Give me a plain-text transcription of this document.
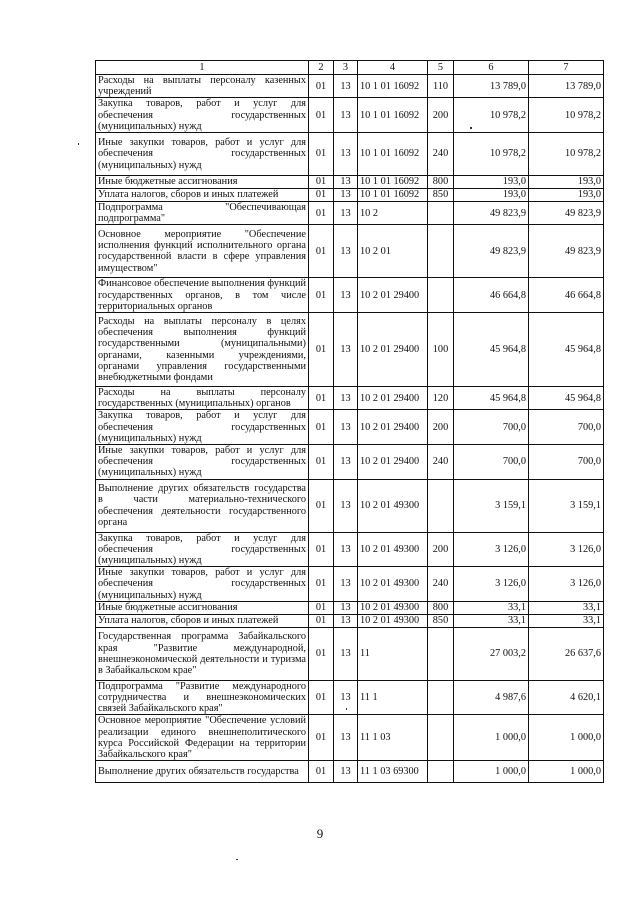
1	2	3	4	5	6	7
Расходы на выплаты персоналу казенных учреждений	01	13	10 1 01 16092	110	13 789,0	13 789,0
Закупка товаров, работ и услуг для обеспечения государственных (муниципальных) нужд	01	13	10 1 01 16092	200	10 978,2	10 978,2
Иные закупки товаров, работ и услуг для обеспечения государственных (муниципальных) нужд	01	13	10 1 01 16092	240	10 978,2	10 978,2
Иные бюджетные ассигнования	01	13	10 1 01 16092	800	193,0	193,0
Уплата налогов, сборов и иных платежей	01	13	10 1 01 16092	850	193,0	193,0
Подпрограмма "Обеспечивающая подпрограмма"	01	13	10 2		49 823,9	49 823,9
Основное мероприятие "Обеспечение исполнения функций исполнительного органа государственной власти в сфере управления имуществом"	01	13	10 2 01		49 823,9	49 823,9
Финансовое обеспечение выполнения функций государственных органов, в том числе территориальных органов	01	13	10 2 01 29400		46 664,8	46 664,8
Расходы на выплаты персоналу в целях обеспечения выполнения функций государственными (муниципальными) органами, казенными учреждениями, органами управления государственными внебюджетными фондами	01	13	10 2 01 29400	100	45 964,8	45 964,8
Расходы на выплаты персоналу государственных (муниципальных) органов	01	13	10 2 01 29400	120	45 964,8	45 964,8
Закупка товаров, работ и услуг для обеспечения государственных (муниципальных) нужд	01	13	10 2 01 29400	200	700,0	700,0
Иные закупки товаров, работ и услуг для обеспечения государственных (муниципальных) нужд	01	13	10 2 01 29400	240	700,0	700,0
Выполнение других обязательств государства в части материально-технического обеспечения деятельности государственного органа	01	13	10 2 01 49300		3 159,1	3 159,1
Закупка товаров, работ и услуг для обеспечения государственных (муниципальных) нужд	01	13	10 2 01 49300	200	3 126,0	3 126,0
Иные закупки товаров, работ и услуг для обеспечения государственных (муниципальных) нужд	01	13	10 2 01 49300	240	3 126,0	3 126,0
Иные бюджетные ассигнования	01	13	10 2 01 49300	800	33,1	33,1
Уплата налогов, сборов и иных платежей	01	13	10 2 01 49300	850	33,1	33,1
Государственная программа Забайкальского края "Развитие международной, внешнеэкономической деятельности и туризма в Забайкальском крае"	01	13	11		27 003,2	26 637,6
Подпрограмма "Развитие международного сотрудничества и внешнеэкономических связей Забайкальского края"	01	13	11 1		4 987,6	4 620,1
Основное мероприятие "Обеспечение условий реализации единого внешнеполитического курса Российской Федерации на территории Забайкальского края"	01	13	11 1 03		1 000,0	1 000,0
Выполнение других обязательств государства	01	13	11 1 03 69300		1 000,0	1 000,0
9
